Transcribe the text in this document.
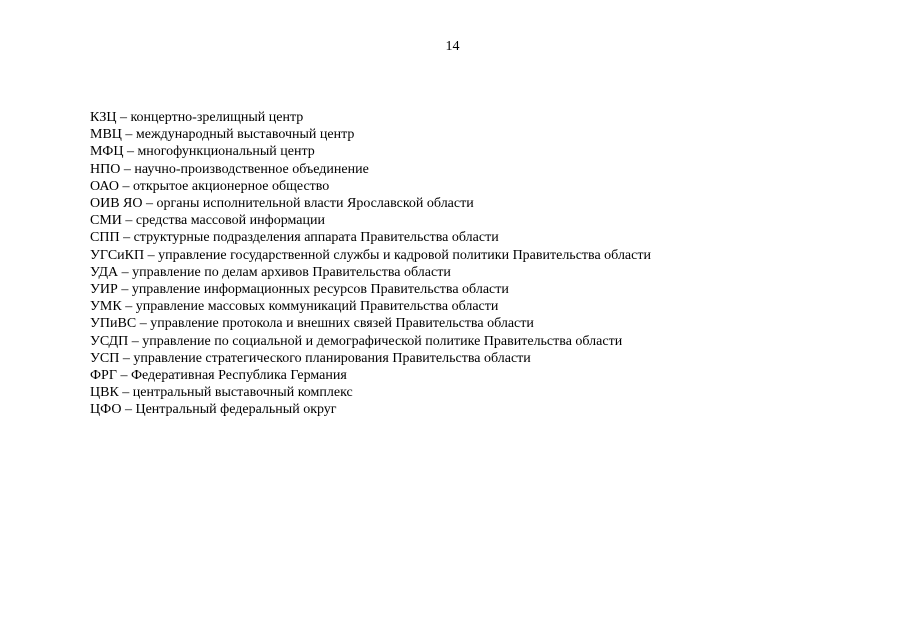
14
КЗЦ – концертно-зрелищный центр
МВЦ – международный выставочный центр
МФЦ – многофункциональный центр
НПО – научно-производственное объединение
ОАО – открытое акционерное общество
ОИВ ЯО – органы исполнительной власти Ярославской области
СМИ – средства массовой информации
СПП – структурные подразделения аппарата Правительства области
УГСиКП – управление государственной службы и кадровой политики Правительства области
УДА – управление по делам архивов Правительства области
УИР – управление информационных ресурсов Правительства области
УМК – управление массовых коммуникаций Правительства области
УПиВС – управление протокола и внешних связей Правительства области
УСДП – управление по социальной и демографической политике Правительства области
УСП – управление стратегического планирования Правительства области
ФРГ – Федеративная Республика Германия
ЦВК – центральный выставочный комплекс
ЦФО – Центральный федеральный округ
